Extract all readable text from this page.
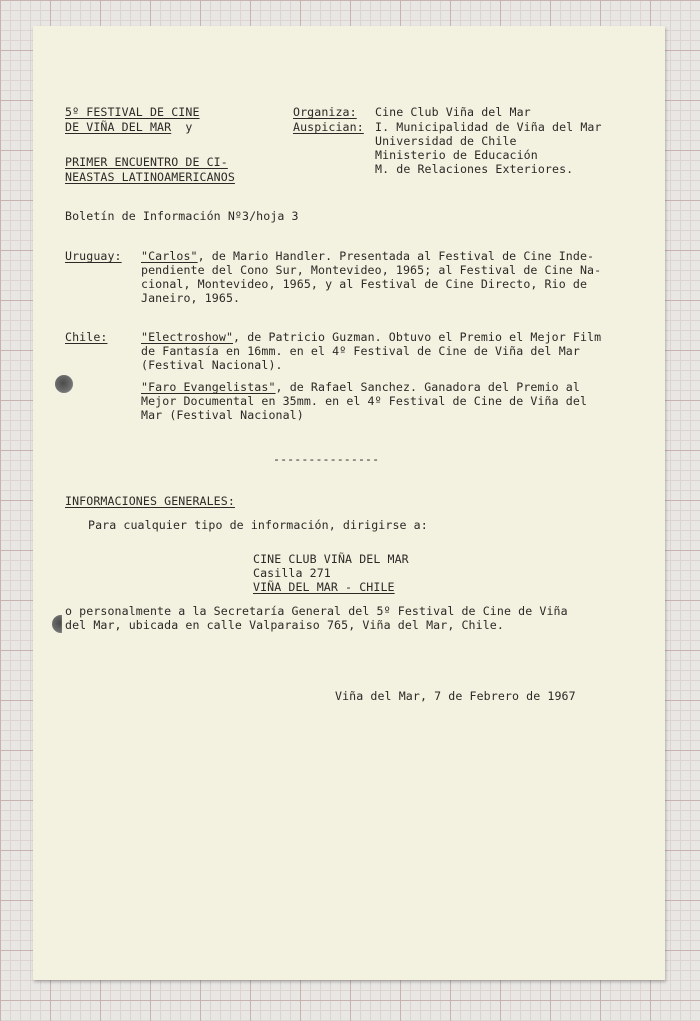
5º FESTIVAL DE CINE
DE VIÑA DEL MAR y
PRIMER ENCUENTRO DE CI-
NEASTAS LATINOAMERICANOS
Organiza: Cine Club Viña del Mar
Auspician: I. Municipalidad de Viña del Mar
Universidad de Chile
Ministerio de Educación
M. de Relaciones Exteriores.
Boletín de Información Nº3/hoja 3
Uruguay: "Carlos", de Mario Handler. Presentada al Festival de Cine Inde-
pendiente del Cono Sur, Montevideo, 1965; al Festival de Cine Na-
cional, Montevideo, 1965, y al Festival de Cine Directo, Rio de
Janeiro, 1965.
Chile:	"Electroshow", de Patricio Guzman. Obtuvo el Premio el Mejor Film
de Fantasía en 16mm. en el 4º Festival de Cine de Viña del Mar
(Festival Nacional).
"Faro Evangelistas", de Rafael Sanchez. Ganadora del Premio al
Mejor Documental en 35mm. en el 4º Festival de Cine de Viña del
Mar (Festival Nacional)
---------------
INFORMACIONES GENERALES:
Para cualquier tipo de información, dirigirse a:
CINE CLUB VIÑA DEL MAR
Casilla 271
VIÑA DEL MAR - CHILE
o personalmente a la Secretaría General del 5º Festival de Cine de Viña
del Mar, ubicada en calle Valparaiso 765, Viña del Mar, Chile.
Viña del Mar, 7 de Febrero de 1967
